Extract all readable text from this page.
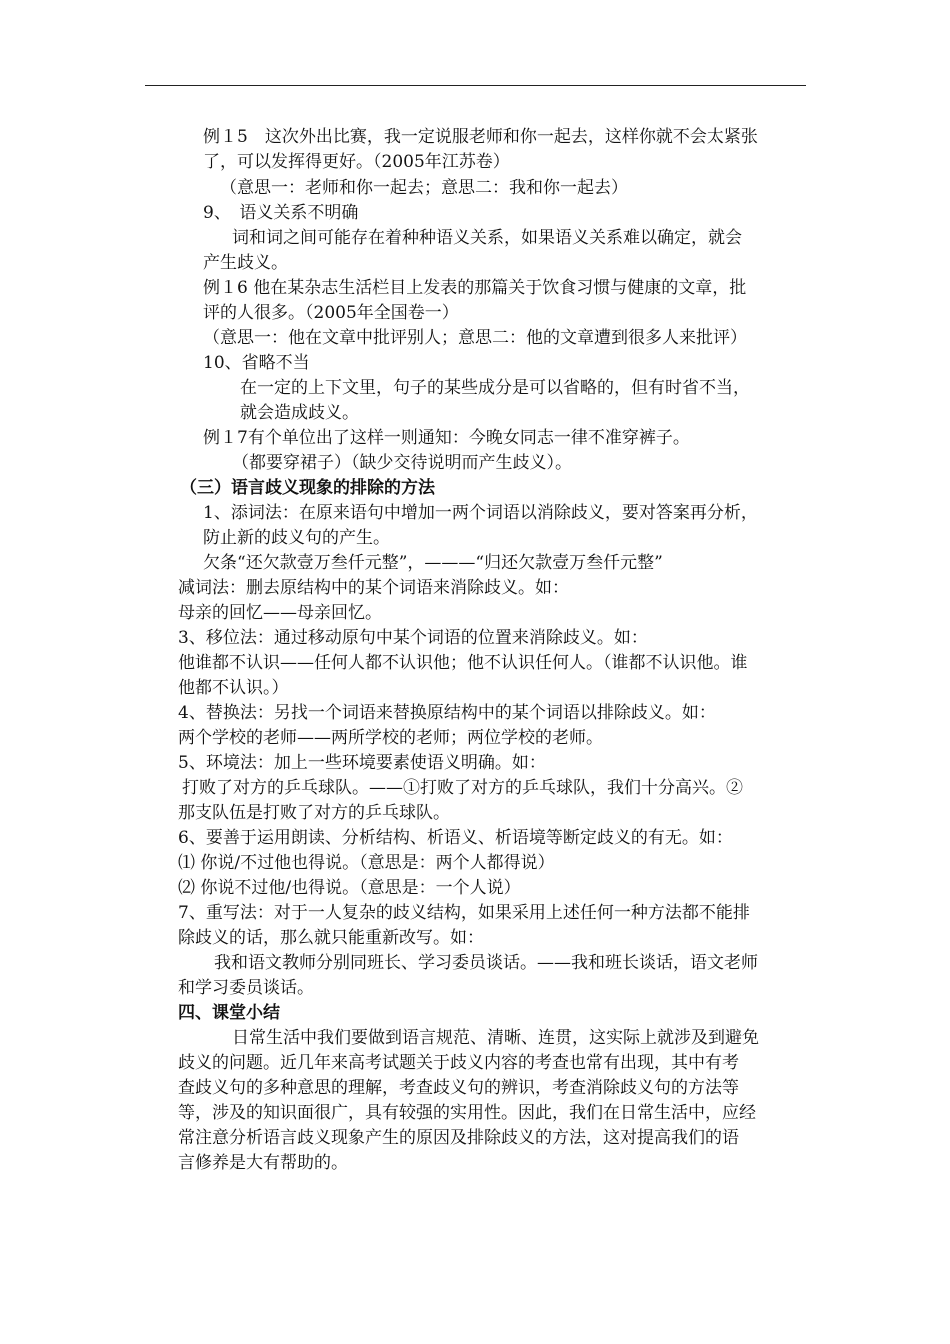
例１5　这次外出比赛，我一定说服老师和你一起去，这样你就不会太紧张
了，可以发挥得更好。（2005年江苏卷）
（意思一：老师和你一起去；意思二：我和你一起去）
9、　语义关系不明确
词和词之间可能存在着种种语义关系，如果语义关系难以确定，就会
产生歧义。
例１6 他在某杂志生活栏目上发表的那篇关于饮食习惯与健康的文章，批
评的人很多。（2005年全国卷一）
（意思一：他在文章中批评别人；意思二：他的文章遭到很多人来批评）
10、省略不当
在一定的上下文里，句子的某些成分是可以省略的，但有时省不当，
就会造成歧义。
例１7有个单位出了这样一则通知：今晚女同志一律不准穿裤子。
（都要穿裙子）（缺少交待说明而产生歧义）。
（三）语言歧义现象的排除的方法
1、添词法：在原来语句中增加一两个词语以消除歧义，要对答案再分析，
防止新的歧义句的产生。
欠条“还欠款壹万叁仟元整”，———“归还欠款壹万叁仟元整”
减词法：删去原结构中的某个词语来消除歧义。如：
母亲的回忆——母亲回忆。
3、移位法：通过移动原句中某个词语的位置来消除歧义。如：
他谁都不认识——任何人都不认识他；他不认识任何人。（谁都不认识他。谁
他都不认识。）
4、替换法：另找一个词语来替换原结构中的某个词语以排除歧义。如：
两个学校的老师——两所学校的老师；两位学校的老师。
5、环境法：加上一些环境要素使语义明确。如：
打败了对方的乒乓球队。——①打败了对方的乒乓球队，我们十分高兴。②
那支队伍是打败了对方的乒乓球队。
6、要善于运用朗读、分析结构、析语义、析语境等断定歧义的有无。如：
⑴ 你说/不过他也得说。（意思是：两个人都得说）
⑵ 你说不过他/也得说。（意思是：一个人说）
7、重写法：对于一人复杂的歧义结构，如果采用上述任何一种方法都不能排
除歧义的话，那么就只能重新改写。如：
我和语文教师分别同班长、学习委员谈话。——我和班长谈话，语文老师
和学习委员谈话。
四、课堂小结
日常生活中我们要做到语言规范、清晰、连贯，这实际上就涉及到避免
歧义的问题。近几年来高考试题关于歧义内容的考查也常有出现，其中有考
查歧义句的多种意思的理解，考查歧义句的辨识，考查消除歧义句的方法等
等，涉及的知识面很广，具有较强的实用性。因此，我们在日常生活中，应经
常注意分析语言歧义现象产生的原因及排除歧义的方法，这对提高我们的语
言修养是大有帮助的。
